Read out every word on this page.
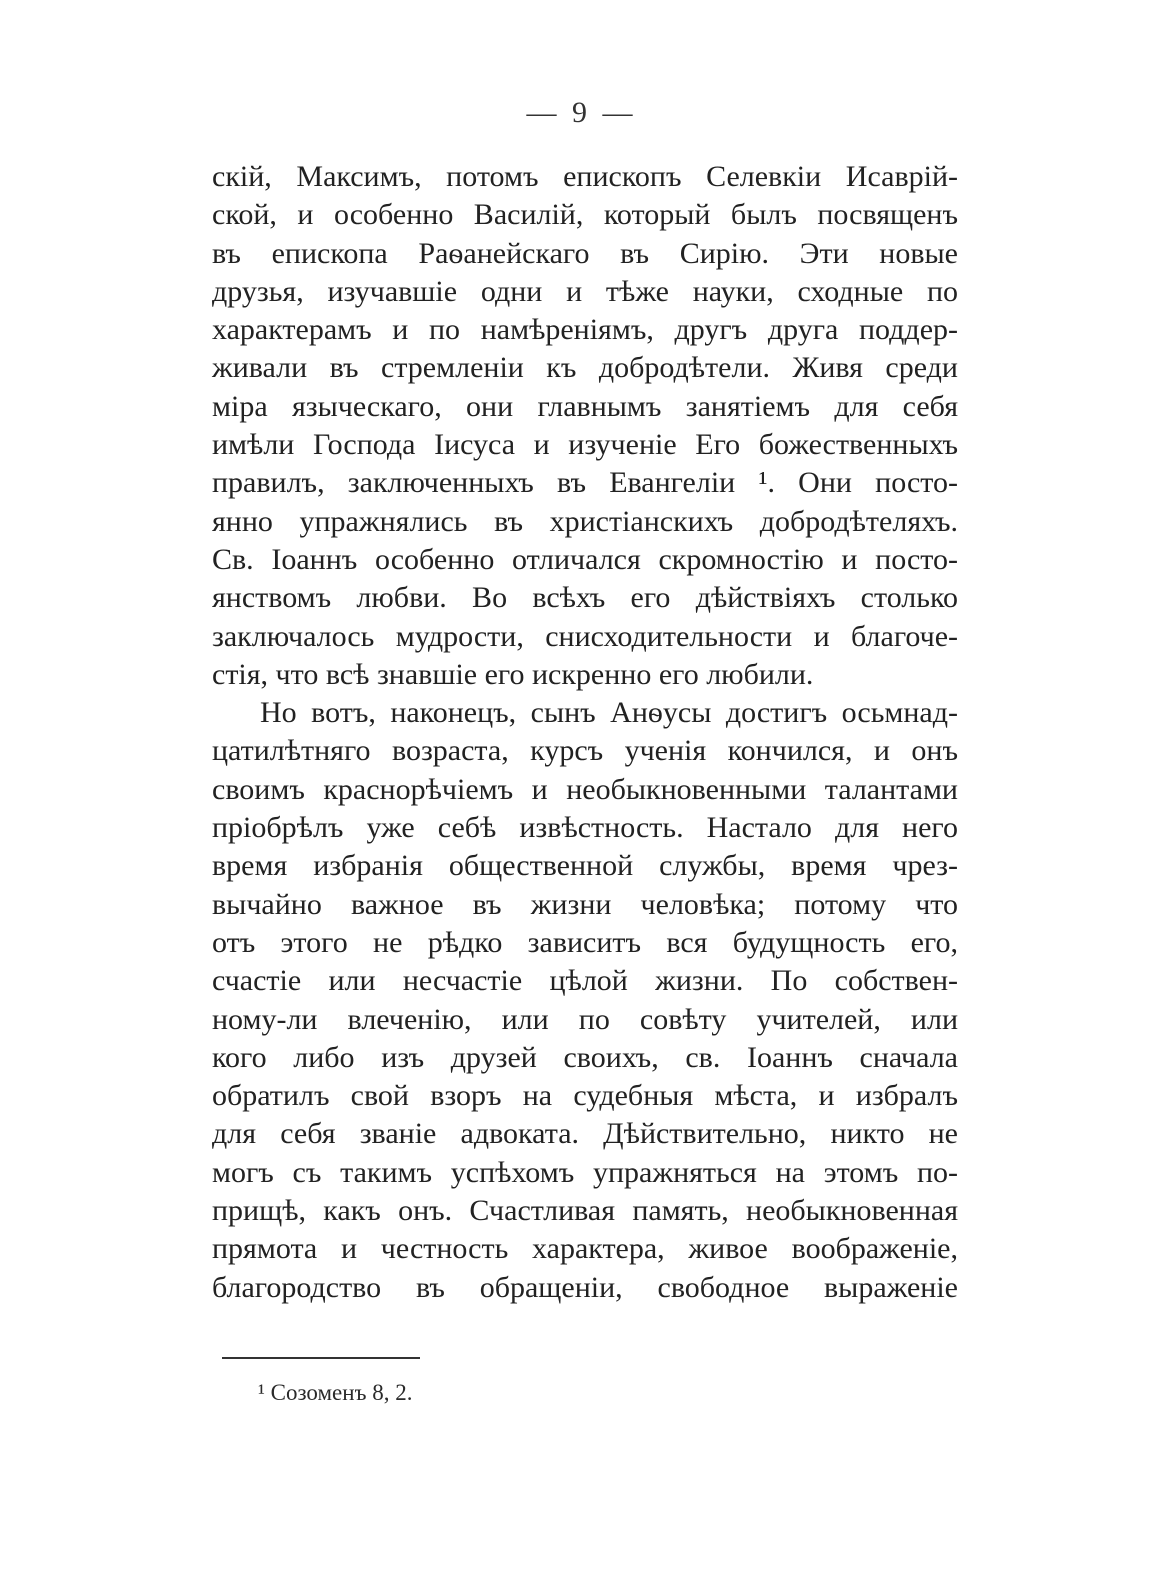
— 9 —
скій, Максимъ, потомъ епископъ Селевкіи Исаврій-
ской, и особенно Василій, который былъ посвященъ
въ епископа Раѳанейскаго въ Сирію. Эти новые
друзья, изучавшіе одни и тѣже науки, сходные по
характерамъ и по намѣреніямъ, другъ друга поддер-
живали въ стремленіи къ добродѣтели. Живя среди
міра языческаго, они главнымъ занятіемъ для себя
имѣли Господа Іисуса и изученіе Его божественныхъ
правилъ, заключенныхъ въ Евангеліи ¹. Они посто-
янно упражнялись въ христіанскихъ добродѣтеляхъ.
Св. Іоаннъ особенно отличался скромностію и посто-
янствомъ любви. Во всѣхъ его дѣйствіяхъ столько
заключалось мудрости, снисходительности и благоче-
стія, что всѣ знавшіе его искренно его любили.
Но вотъ, наконецъ, сынъ Анѳусы достигъ осьмнад-
цатилѣтняго возраста, курсъ ученія кончился, и онъ
своимъ краснорѣчіемъ и необыкновенными талантами
пріобрѣлъ уже себѣ извѣстность. Настало для него
время избранія общественной службы, время чрез-
вычайно важное въ жизни человѣка; потому что
отъ этого не рѣдко зависитъ вся будущность его,
счастіе или несчастіе цѣлой жизни. По собствен-
ному-ли влеченію, или по совѣту учителей, или
кого либо изъ друзей своихъ, св. Іоаннъ сначала
обратилъ свой взоръ на судебныя мѣста, и избралъ
для себя званіе адвоката. Дѣйствительно, никто не
могъ съ такимъ успѣхомъ упражняться на этомъ по-
прищѣ, какъ онъ. Счастливая память, необыкновенная
прямота и честность характера, живое воображеніе,
благородство въ обращеніи, свободное выраженіе
¹ Созоменъ 8, 2.
